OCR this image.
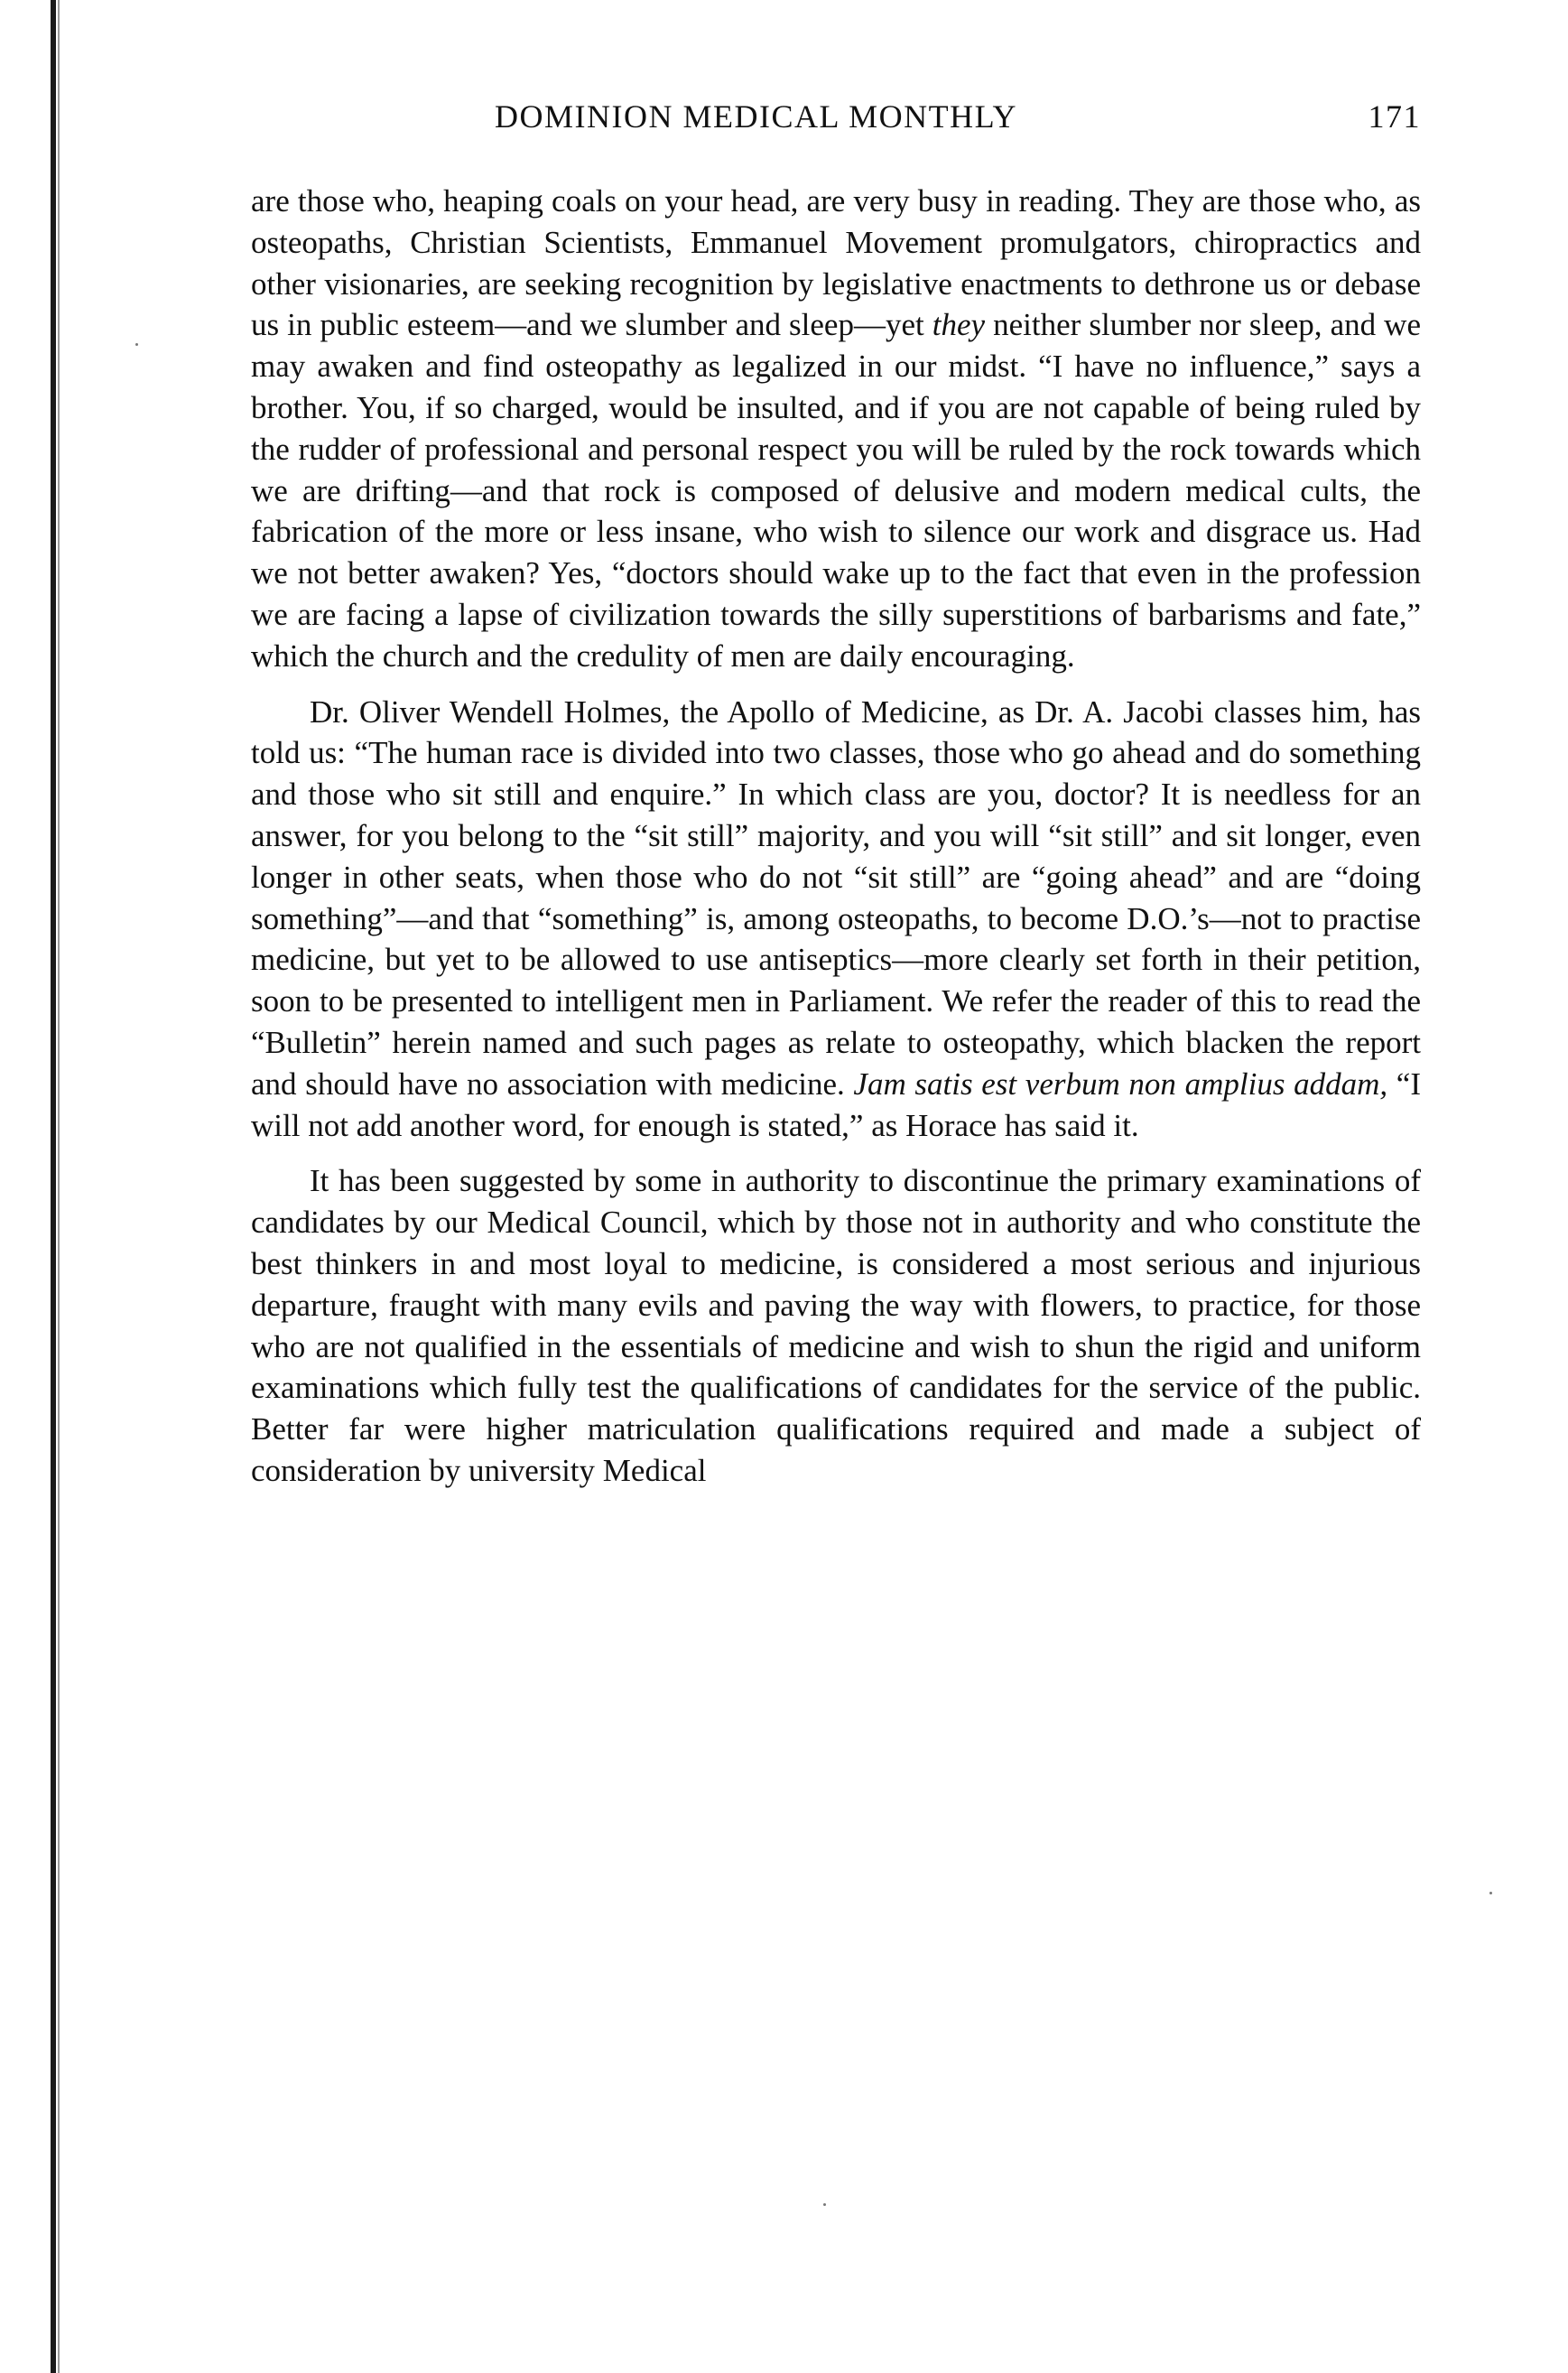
DOMINION MEDICAL MONTHLY	171

are those who, heaping coals on your head, are very busy in reading. They are those who, as osteopaths, Christian Scientists, Emmanuel Movement promulgators, chiropractics and other visionaries, are seeking recognition by legislative enactments to dethrone us or debase us in public esteem—and we slumber and sleep—yet they neither slumber nor sleep, and we may awaken and find osteopathy as legalized in our midst. “I have no influence,” says a brother. You, if so charged, would be insulted, and if you are not capable of being ruled by the rudder of professional and personal respect you will be ruled by the rock towards which we are drifting—and that rock is composed of delusive and modern medical cults, the fabrication of the more or less insane, who wish to silence our work and disgrace us. Had we not better awaken? Yes, “doctors should wake up to the fact that even in the profession we are facing a lapse of civilization towards the silly superstitions of barbarisms and fate,” which the church and the credulity of men are daily encouraging.

Dr. Oliver Wendell Holmes, the Apollo of Medicine, as Dr. A. Jacobi classes him, has told us: “The human race is divided into two classes, those who go ahead and do something and those who sit still and enquire.” In which class are you, doctor? It is needless for an answer, for you belong to the “sit still” majority, and you will “sit still” and sit longer, even longer in other seats, when those who do not “sit still” are “going ahead” and are “doing something”—and that “something” is, among osteopaths, to become D.O.’s—not to practise medicine, but yet to be allowed to use antiseptics—more clearly set forth in their petition, soon to be presented to intelligent men in Parliament. We refer the reader of this to read the “Bulletin” herein named and such pages as relate to osteopathy, which blacken the report and should have no association with medicine. Jam satis est verbum non amplius addam, “I will not add another word, for enough is stated,” as Horace has said it.

It has been suggested by some in authority to discontinue the primary examinations of candidates by our Medical Council, which by those not in authority and who constitute the best thinkers in and most loyal to medicine, is considered a most serious and injurious departure, fraught with many evils and paving the way with flowers, to practice, for those who are not qualified in the essentials of medicine and wish to shun the rigid and uniform examinations which fully test the qualifications of candidates for the service of the public. Better far were higher matriculation qualifications required and made a subject of consideration by university Medical
